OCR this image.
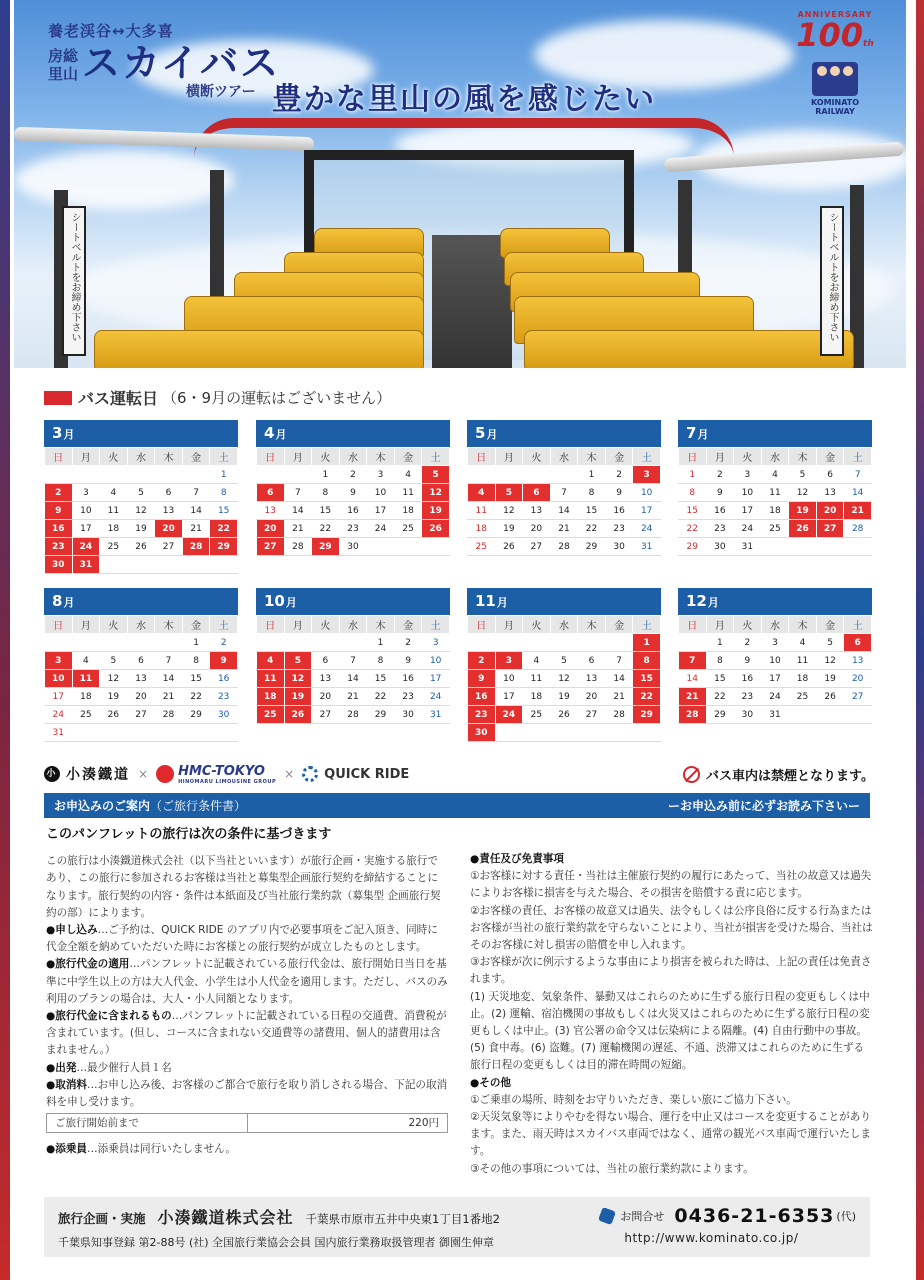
シートベルトをお締め下さい	シートベルトをお締め下さい
養老渓谷↔大多喜
房総
里山 スカイバス
横断ツアー 豊かな里山の風を感じたい
ANNIVERSARY
100th
KOMINATO
RAILWAY
バス運転日 （6・9月の運転はございません）
3月
日	月	火	水	木	金	土
						1
2	3	4	5	6	7	8
9	10	11	12	13	14	15
16	17	18	19	20	21	22
23	24	25	26	27	28	29
30	31					
4月
日	月	火	水	木	金	土
		1	2	3	4	5
6	7	8	9	10	11	12
13	14	15	16	17	18	19
20	21	22	23	24	25	26
27	28	29	30			
5月
日	月	火	水	木	金	土
				1	2	3
4	5	6	7	8	9	10
11	12	13	14	15	16	17
18	19	20	21	22	23	24
25	26	27	28	29	30	31
7月
日	月	火	水	木	金	土
1	2	3	4	5	6	7
8	9	10	11	12	13	14
15	16	17	18	19	20	21
22	23	24	25	26	27	28
29	30	31				
8月
日	月	火	水	木	金	土
					1	2
3	4	5	6	7	8	9
10	11	12	13	14	15	16
17	18	19	20	21	22	23
24	25	26	27	28	29	30
31						
10月
日	月	火	水	木	金	土
				1	2	3
4	5	6	7	8	9	10
11	12	13	14	15	16	17
18	19	20	21	22	23	24
25	26	27	28	29	30	31
11月
日	月	火	水	木	金	土
						1
2	3	4	5	6	7	8
9	10	11	12	13	14	15
16	17	18	19	20	21	22
23	24	25	26	27	28	29
30						
12月
日	月	火	水	木	金	土
	1	2	3	4	5	6
7	8	9	10	11	12	13
14	15	16	17	18	19	20
21	22	23	24	25	26	27
28	29	30	31			
小 小湊鐵道 × HMC-TOKYO
HINOMARU LIMOUSINE GROUP
× QUICK RIDE	バス車内は禁煙となります。
お申込みのご案内 （ご旅行条件書）	ーお申込み前に必ずお読み下さいー
このパンフレットの旅行は次の条件に基づきます

この旅行は小湊鐵道株式会社（以下当社といいます）が旅行企画・実施する旅行であり、この旅行に参加されるお客様は当社と募集型企画旅行契約を締結することになります。旅行契約の内容・条件は本紙面及び当社旅行業約款（募集型 企画旅行契約の部）によります。

●申し込み…ご予約は、QUICK RIDE のアプリ内で必要事項をご記入頂き、同時に代金全額を納めていただいた時にお客様との旅行契約が成立したものとします。

●旅行代金の適用…パンフレットに記載されている旅行代金は、旅行開始日当日を基準に中学生以上の方は大人代金、小学生は小人代金を適用します。ただし、バスのみ利用のプランの場合は、大人・小人同額となります。

●旅行代金に含まれるもの…パンフレットに記載されている日程の交通費、消費税が含まれています。(但し、コースに含まれない交通費等の諸費用、個人的諸費用は含まれません。）

●出発…最少催行人員１名

●取消料…お申し込み後、お客様のご都合で旅行を取り消しされる場合、下記の取消料を申し受けます。

ご旅行開始前まで	220円

●添乗員…添乗員は同行いたしません。

●責任及び免責事項

①お客様に対する責任・当社は主催旅行契約の履行にあたって、当社の故意又は過失によりお客様に損害を与えた場合、その損害を賠償する責に応じます。

②お客様の責任、お客様の故意又は過失、法令もしくは公序良俗に反する行為またはお客様が当社の旅行業約款を守らないことにより、当社が損害を受けた場合、当社はそのお客様に対し損害の賠償を申し入れます。

③お客様が次に例示するような事由により損害を被られた時は、上記の責任は免責されます。

(1) 天災地変、気象条件、暴動又はこれらのために生ずる旅行日程の変更もしくは中止。(2) 運輸、宿泊機関の事故もしくは火災又はこれらのために生ずる旅行日程の変更もしくは中止。(3) 官公署の命令又は伝染病による隔離。(4) 自由行動中の事故。(5) 食中毒。(6) 盗難。(7) 運輸機関の遅延、不通、渋滞又はこれらのために生ずる旅行日程の変更もしくは目的滞在時間の短縮。

●その他

①ご乗車の場所、時刻をお守りいただき、楽しい旅にご協力下さい。

②天災気象等によりやむを得ない場合、運行を中止又はコースを変更することがあります。また、雨天時はスカイバス車両ではなく、通常の観光バス車両で運行いたします。

③その他の事項については、当社の旅行業約款によります。

旅行企画・実施 小湊鐵道株式会社 千葉県市原市五井中央東1丁目1番地2
千葉県知事登録 第2-88号 (社) 全国旅行業協会会員 国内旅行業務取扱管理者 御園生伸章
お問合せ 0436-21-6353 (代)
http://www.kominato.co.jp/
